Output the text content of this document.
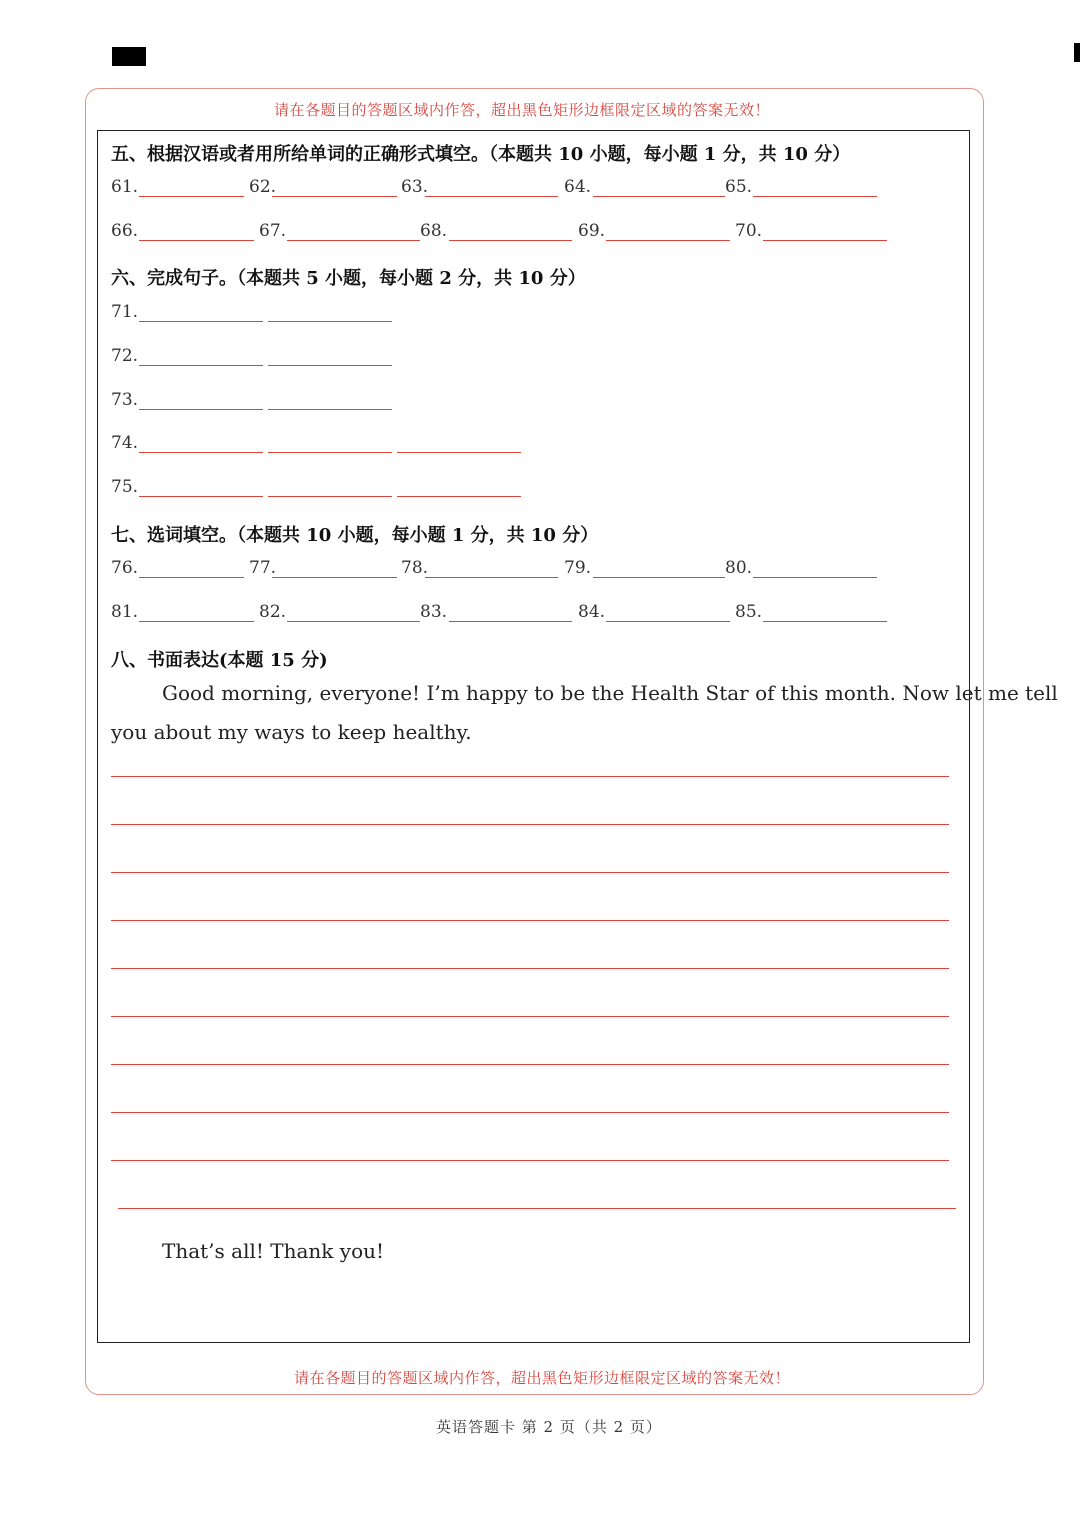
请在各题目的答题区域内作答，超出黑色矩形边框限定区域的答案无效！
五、根据汉语或者用所给单词的正确形式填空。（本题共 10 小题，每小题 1 分，共 10 分）
61.	62.	63.	64.	65.
66.	67.	68.	69.	70.
六、完成句子。（本题共 5 小题，每小题 2 分，共 10 分）
71.
72.
73.
74.
75.
七、选词填空。（本题共 10 小题，每小题 1 分，共 10 分）
76.	77.	78.	79.	80.
81.	82.	83.	84.	85.
八、书面表达(本题 15 分)
Good morning, everyone! I’m happy to be the Health Star of this month. Now let me tell
you about my ways to keep healthy.
That’s all! Thank you!
请在各题目的答题区域内作答，超出黑色矩形边框限定区域的答案无效！
英语答题卡 第 2 页（共 2 页）
